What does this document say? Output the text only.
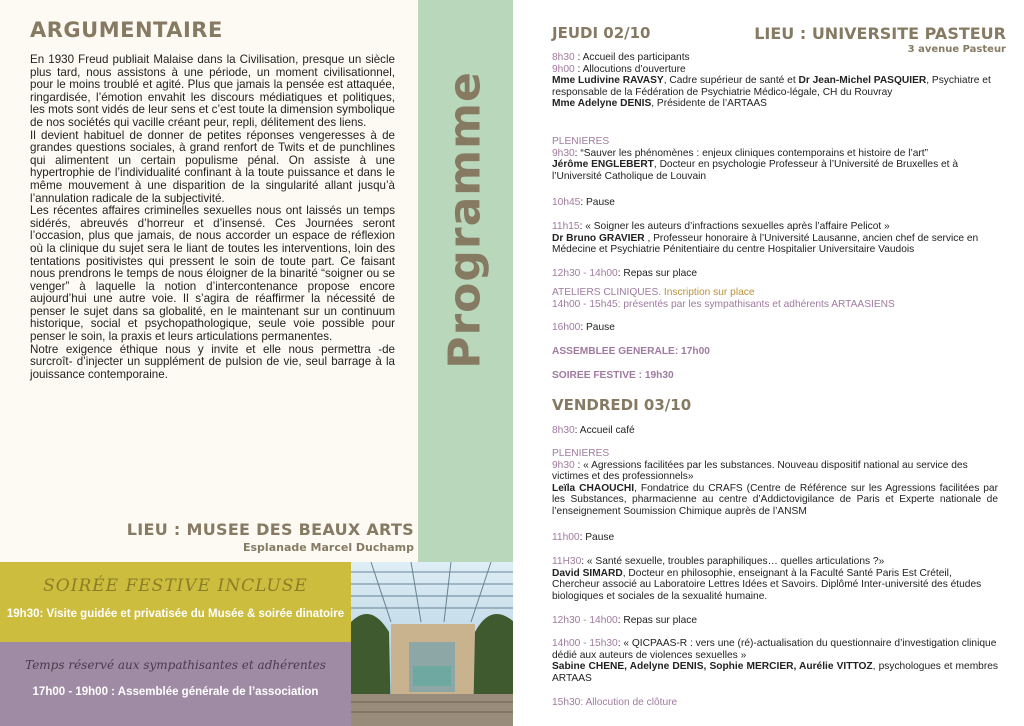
ARGUMENTAIRE

En 1930 Freud publiait Malaise dans la Civilisation, presque un siècle plus tard, nous assistons à une période, un moment civilisationnel, pour le moins troublé et agité. Plus que jamais la pensée est attaquée, ringardisée, l’émotion envahit les discours médiatiques et politiques, les mots sont vidés de leur sens et c’est toute la dimension symbolique de nos sociétés qui vacille créant peur, repli, délitement des liens.

Il devient habituel de donner de petites réponses vengeresses à de grandes questions sociales, à grand renfort de Twits et de punchlines qui alimentent un certain populisme pénal. On assiste à une hypertrophie de l’individualité confinant à la toute puissance et dans le même mouvement à une disparition de la singularité allant jusqu’à l’annulation radicale de la subjectivité.

Les récentes affaires criminelles sexuelles nous ont laissés un temps sidérés, abreuvés d’horreur et d’insensé. Ces Journées seront l’occasion, plus que jamais, de nous accorder un espace de réflexion où la clinique du sujet sera le liant de toutes les interventions, loin des tentations positivistes qui pressent le soin de toute part. Ce faisant nous prendrons le temps de nous éloigner de la binarité “soigner ou se venger” à laquelle la notion d’intercontenance propose encore aujourd’hui une autre voie. Il s’agira de réaffirmer la nécessité de penser le sujet dans sa globalité, en le maintenant sur un continuum historique, social et psychopathologique, seule voie possible pour penser le soin, la praxis et leurs articulations permanentes.

Notre exigence éthique nous y invite et elle nous permettra -de surcroît- d’injecter un supplément de pulsion de vie, seul barrage à la jouissance contemporaine.

LIEU : MUSEE DES BEAUX ARTS
Esplanade Marcel Duchamp
SOIRÉE FESTIVE INCLUSE
19h30: Visite guidée et privatisée du Musée & soirée dinatoire
Temps réservé aux sympathisantes et adhérentes
17h00 - 19h00 : Assemblée générale de l’association
Programme
LIEU : UNIVERSITE PASTEUR
3 avenue Pasteur
JEUDI 02/10

8h30 : Accueil des participants

9h00 : Allocutions d’ouverture

Mme Ludivine RAVASY, Cadre supérieur de santé et Dr Jean-Michel PASQUIER, Psychiatre et responsable de la Fédération de Psychiatrie Médico-légale, CH du Rouvray

Mme Adelyne DENIS, Présidente de l’ARTAAS

PLENIERES

9h30: “Sauver les phénomènes : enjeux cliniques contemporains et histoire de l’art”

Jérôme ENGLEBERT, Docteur en psychologie Professeur à l’Université de Bruxelles et à l’Université Catholique de Louvain

10h45: Pause

11h15: « Soigner les auteurs d’infractions sexuelles après l’affaire Pelicot »

Dr Bruno GRAVIER , Professeur honoraire à l’Université Lausanne, ancien chef de service en Médecine et Psychiatrie Pénitentiaire du centre Hospitalier Universitaire Vaudois

12h30 - 14h00: Repas sur place

ATELIERS CLINIQUES. Inscription sur place

14h00 - 15h45: présentés par les sympathisants et adhérents ARTAASIENS

16h00: Pause

ASSEMBLEE GENERALE: 17h00

SOIREE FESTIVE : 19h30

VENDREDI 03/10

8h30: Accueil café

PLENIERES

9h30 : « Agressions facilitées par les substances. Nouveau dispositif national au service des victimes et des professionnels»

Leïla CHAOUCHI, Fondatrice du CRAFS (Centre de Référence sur les Agressions facilitées par les Substances, pharmacienne au centre d’Addictovigilance de Paris et Experte nationale de l’enseignement Soumission Chimique auprès de l’ANSM

11h00: Pause

11H30: « Santé sexuelle, troubles paraphiliques… quelles articulations ?»

David SIMARD, Docteur en philosophie, enseignant à la Faculté Santé Paris Est Créteil, Chercheur associé au Laboratoire Lettres Idées et Savoirs. Diplômé Inter-université des études biologiques et sociales de la sexualité humaine.

12h30 - 14h00: Repas sur place

14h00 - 15h30: « QICPAAS-R : vers une (ré)-actualisation du questionnaire d’investigation clinique dédié aux auteurs de violences sexuelles »

Sabine CHENE, Adelyne DENIS, Sophie MERCIER, Aurélie VITTOZ, psychologues et membres ARTAAS

15h30: Allocution de clôture
